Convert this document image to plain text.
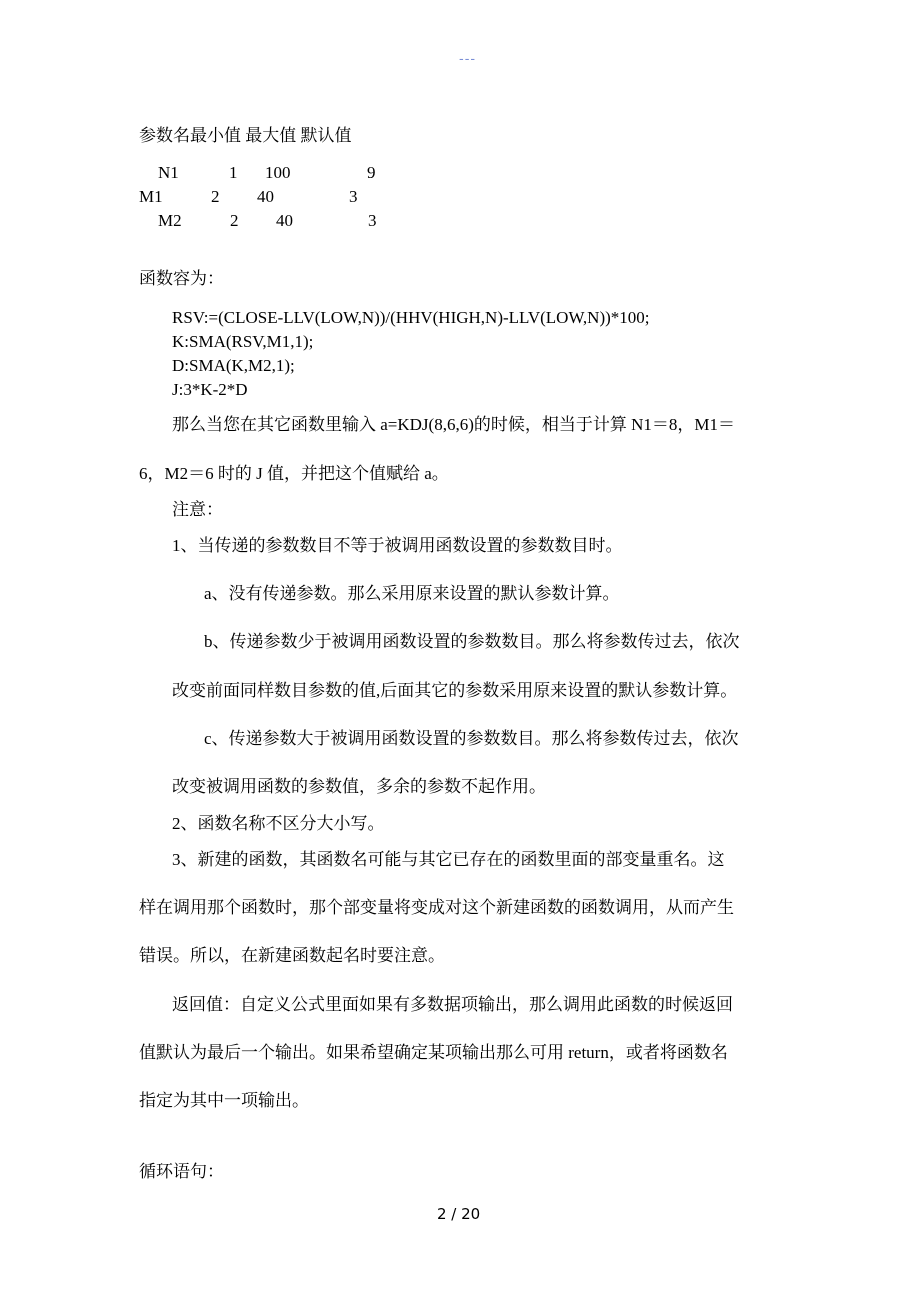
---
参数名最小值 最大值 默认值
N1	1 100	9
M1	2 40	3
M2	2 40	3
函数容为：
RSV:=(CLOSE-LLV(LOW,N))/(HHV(HIGH,N)-LLV(LOW,N))*100;
K:SMA(RSV,M1,1);
D:SMA(K,M2,1);
J:3*K-2*D
那么当您在其它函数里输入 a=KDJ(8,6,6)的时候，相当于计算 N1＝8，M1＝
6，M2＝6 时的 J 值，并把这个值赋给 a。
注意：
1、当传递的参数数目不等于被调用函数设置的参数数目时。
a、没有传递参数。那么采用原来设置的默认参数计算。
b、传递参数少于被调用函数设置的参数数目。那么将参数传过去，依次
改变前面同样数目参数的值,后面其它的参数采用原来设置的默认参数计算。
c、传递参数大于被调用函数设置的参数数目。那么将参数传过去，依次
改变被调用函数的参数值，多余的参数不起作用。
2、函数名称不区分大小写。
3、新建的函数，其函数名可能与其它已存在的函数里面的部变量重名。这
样在调用那个函数时，那个部变量将变成对这个新建函数的函数调用，从而产生
错误。所以，在新建函数起名时要注意。
返回值：自定义公式里面如果有多数据项输出，那么调用此函数的时候返回
值默认为最后一个输出。如果希望确定某项输出那么可用 return，或者将函数名
指定为其中一项输出。
循环语句：
2 / 20
